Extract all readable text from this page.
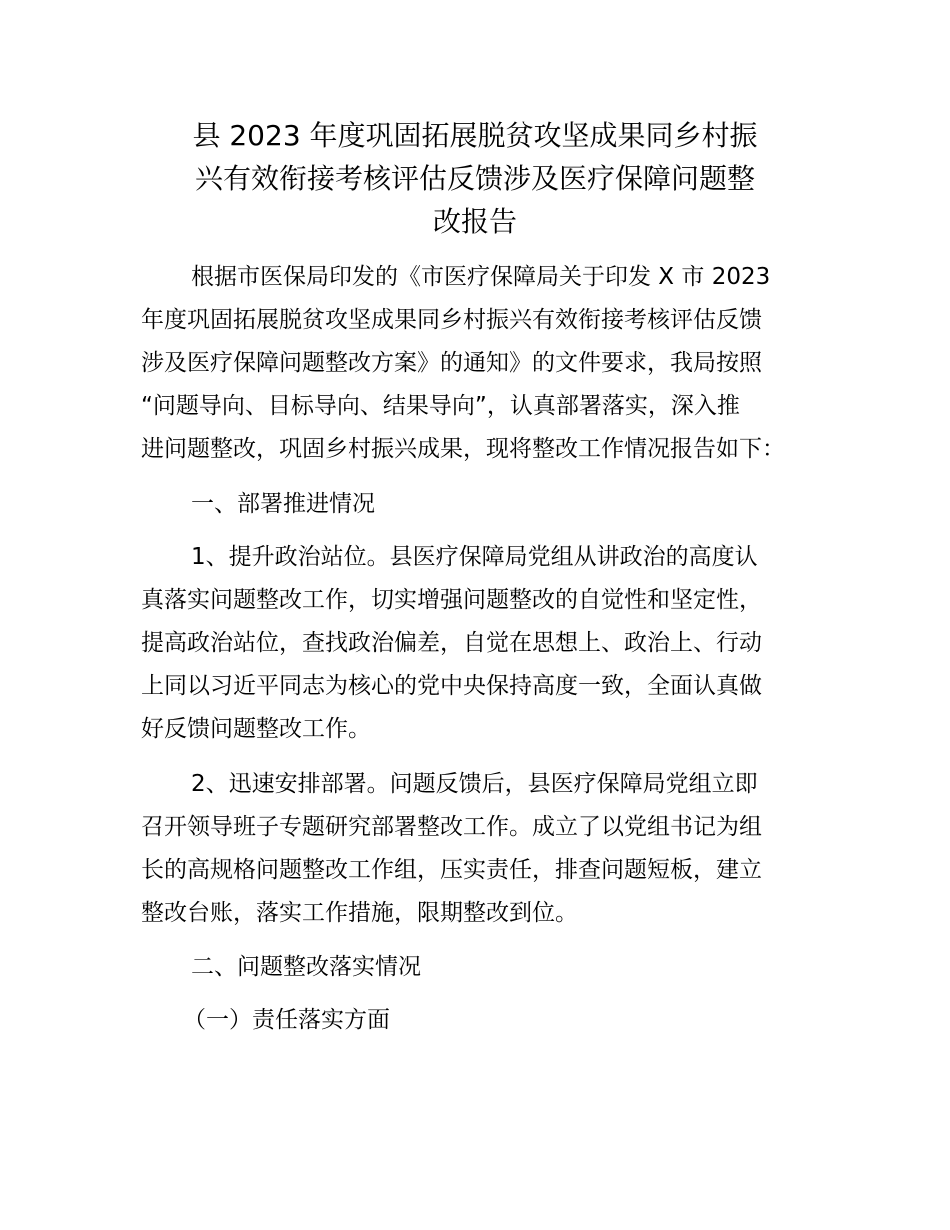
县 2023 年度巩固拓展脱贫攻坚成果同乡村振
兴有效衔接考核评估反馈涉及医疗保障问题整
改报告

根据市医保局印发的《市医疗保障局关于印发 X 市 2023
年度巩固拓展脱贫攻坚成果同乡村振兴有效衔接考核评估反馈
涉及医疗保障问题整改方案》的通知》的文件要求，我局按照
“问题导向、目标导向、结果导向”，认真部署落实，深入推
进问题整改，巩固乡村振兴成果，现将整改工作情况报告如下：

一、部署推进情况

1、提升政治站位。县医疗保障局党组从讲政治的高度认
真落实问题整改工作，切实增强问题整改的自觉性和坚定性，
提高政治站位，查找政治偏差，自觉在思想上、政治上、行动
上同以习近平同志为核心的党中央保持高度一致，全面认真做
好反馈问题整改工作。

2、迅速安排部署。问题反馈后，县医疗保障局党组立即
召开领导班子专题研究部署整改工作。成立了以党组书记为组
长的高规格问题整改工作组，压实责任，排查问题短板，建立
整改台账，落实工作措施，限期整改到位。

二、问题整改落实情况

（一）责任落实方面
